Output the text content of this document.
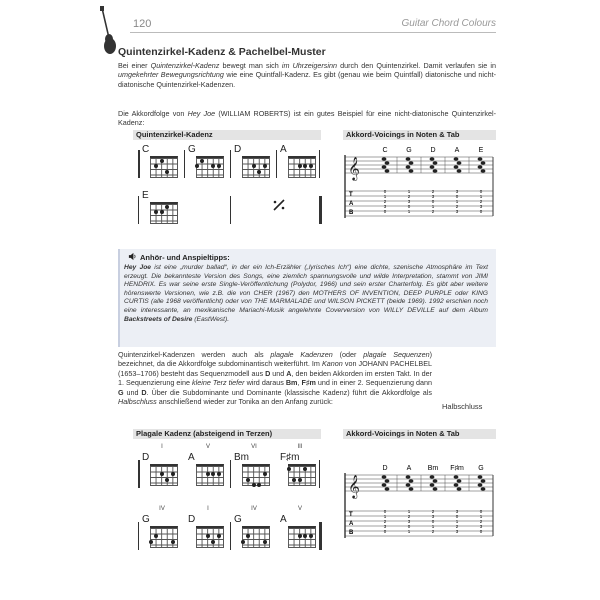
120	Guitar Chord Colours
Quintenzirkel-Kadenz & Pachelbel-Muster
Bei einer Quintenzirkel-Kadenz bewegt man sich im Uhrzeigersinn durch den Quintenzirkel. Damit verlaufen sie in umgekehrter Bewegungsrichtung wie eine Quintfall-Kadenz. Es gibt (genau wie beim Quintfall) diatonische und nicht-diatonische Quintenzirkel-Kadenzen.
Die Akkordfolge von Hey Joe (WILLIAM ROBERTS) ist ein gutes Beispiel für eine nicht-diatonische Quintenzirkel-Kadenz:
Quintenzirkel-Kadenz	Akkord-Voicings in Noten & Tab
C	G	D	A
E
𝄞
T
A
B
C
0
1
2
3
0
G
1
2
3
0
1
D
2
3
0
1
2
A
3
0
1
2
3
E
0
1
2
3
0
Anhör- und Anspieltipps:
Hey Joe ist eine „murder ballad“, in der ein Ich-Erzähler („lyrisches Ich“) eine dichte, szenische Atmosphäre im Text erzeugt. Die bekannteste Version des Songs, eine ziemlich spannungsvolle und wilde Interpretation, stammt von JIMI HENDRIX. Es war seine erste Single-Veröffentlichung (Polydor, 1966) und sein erster Charterfolg. Es gibt aber weitere hörenswerte Versionen, wie z.B. die von CHER (1967) den MOTHERS OF INVENTION, DEEP PURPLE oder KING CURTIS (alle 1968 veröffentlicht) oder von THE MARMALADE und WILSON PICKETT (beide 1969). 1992 erschien noch eine interessante, an mexikanische Mariachi-Musik angelehnte Coverversion von WILLY DEVILLE auf dem Album Backstreets of Desire (EastWest).
Quintenzirkel-Kadenzen werden auch als plagale Kadenzen (oder plagale Sequenzen) bezeichnet, da die Akkordfolge subdominantisch weiterführt. Im Kanon von JOHANN PACHELBEL (1653–1706) besteht das Sequenzmodell aus D und A, den beiden Akkorden im ersten Takt. In der 1. Sequenzierung eine kleine Terz tiefer wird daraus Bm, F♯m und in einer 2. Sequenzierung dann G und D. Über die Subdominante und Dominante (klassische Kadenz) führt die Akkordfolge als Halbschluss anschließend wieder zur Tonika an den Anfang zurück:
Halbschluss
Plagale Kadenz (absteigend in Terzen)	Akkord-Voicings in Noten & Tab
I
D
V
A
VI
Bm
III
F♯m
IV
G
I
D
IV
G
V
A
𝄞
T
A
B
D
0
1
2
3
0
A
1
2
3
0
1
Bm
2
3
0
1
2
F♯m
3
0
1
2
3
G
0
1
2
3
0
